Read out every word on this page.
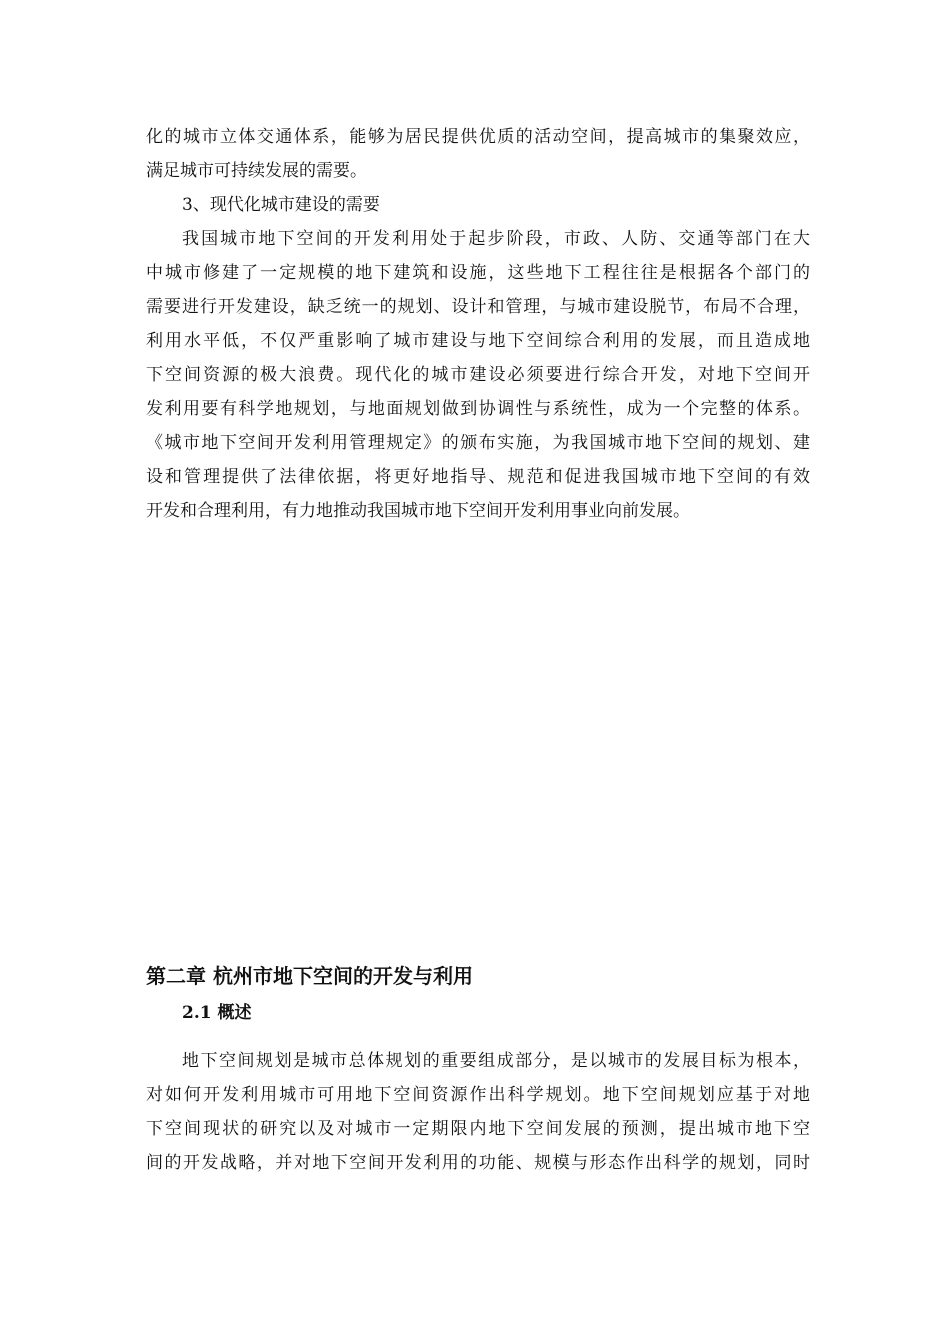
化的城市立体交通体系，能够为居民提供优质的活动空间，提高城市的集聚效应，
满足城市可持续发展的需要。
3、现代化城市建设的需要
我国城市地下空间的开发利用处于起步阶段，市政、人防、交通等部门在大
中城市修建了一定规模的地下建筑和设施，这些地下工程往往是根据各个部门的
需要进行开发建设，缺乏统一的规划、设计和管理，与城市建设脱节，布局不合理，
利用水平低，不仅严重影响了城市建设与地下空间综合利用的发展，而且造成地
下空间资源的极大浪费。现代化的城市建设必须要进行综合开发，对地下空间开
发利用要有科学地规划，与地面规划做到协调性与系统性，成为一个完整的体系。
《城市地下空间开发利用管理规定》的颁布实施，为我国城市地下空间的规划、建
设和管理提供了法律依据，将更好地指导、规范和促进我国城市地下空间的有效
开发和合理利用，有力地推动我国城市地下空间开发利用事业向前发展。
第二章 杭州市地下空间的开发与利用
2.1 概述
地下空间规划是城市总体规划的重要组成部分，是以城市的发展目标为根本，
对如何开发利用城市可用地下空间资源作出科学规划。地下空间规划应基于对地
下空间现状的研究以及对城市一定期限内地下空间发展的预测，提出城市地下空
间的开发战略，并对地下空间开发利用的功能、规模与形态作出科学的规划，同时
